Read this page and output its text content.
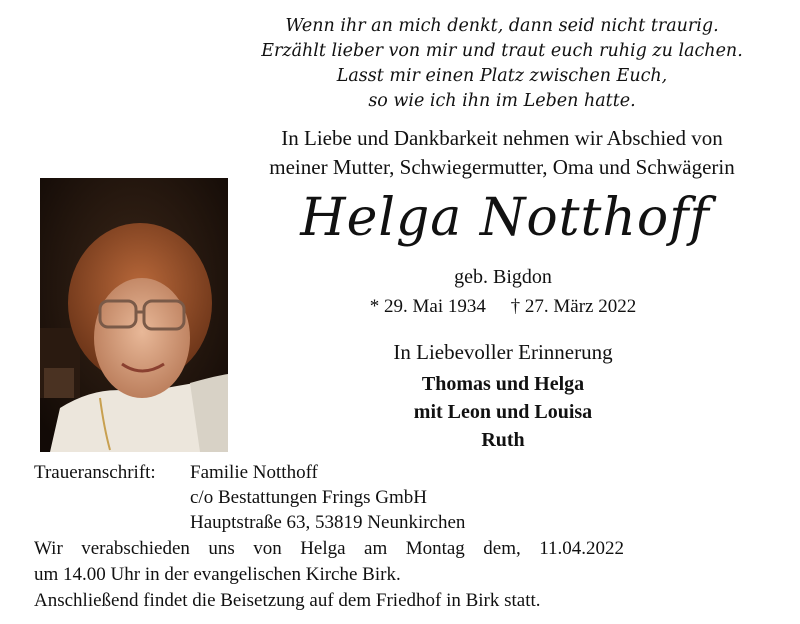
Wenn ihr an mich denkt, dann seid nicht traurig.
Erzählt lieber von mir und traut euch ruhig zu lachen.
Lasst mir einen Platz zwischen Euch,
so wie ich ihn im Leben hatte.
In Liebe und Dankbarkeit nehmen wir Abschied von
meiner Mutter, Schwiegermutter, Oma und Schwägerin
Helga Notthoff
geb. Bigdon
* 29. Mai 1934 † 27. März 2022
In Liebevoller Erinnerung
Thomas und Helga
mit Leon und Louisa
Ruth
Traueranschrift: Familie Notthoff
c/o Bestattungen Frings GmbH
Hauptstraße 63, 53819 Neunkirchen
Wir verabschieden uns von Helga am Montag dem, 11.04.2022
um 14.00 Uhr in der evangelischen Kirche Birk.
Anschließend findet die Beisetzung auf dem Friedhof in Birk statt.
